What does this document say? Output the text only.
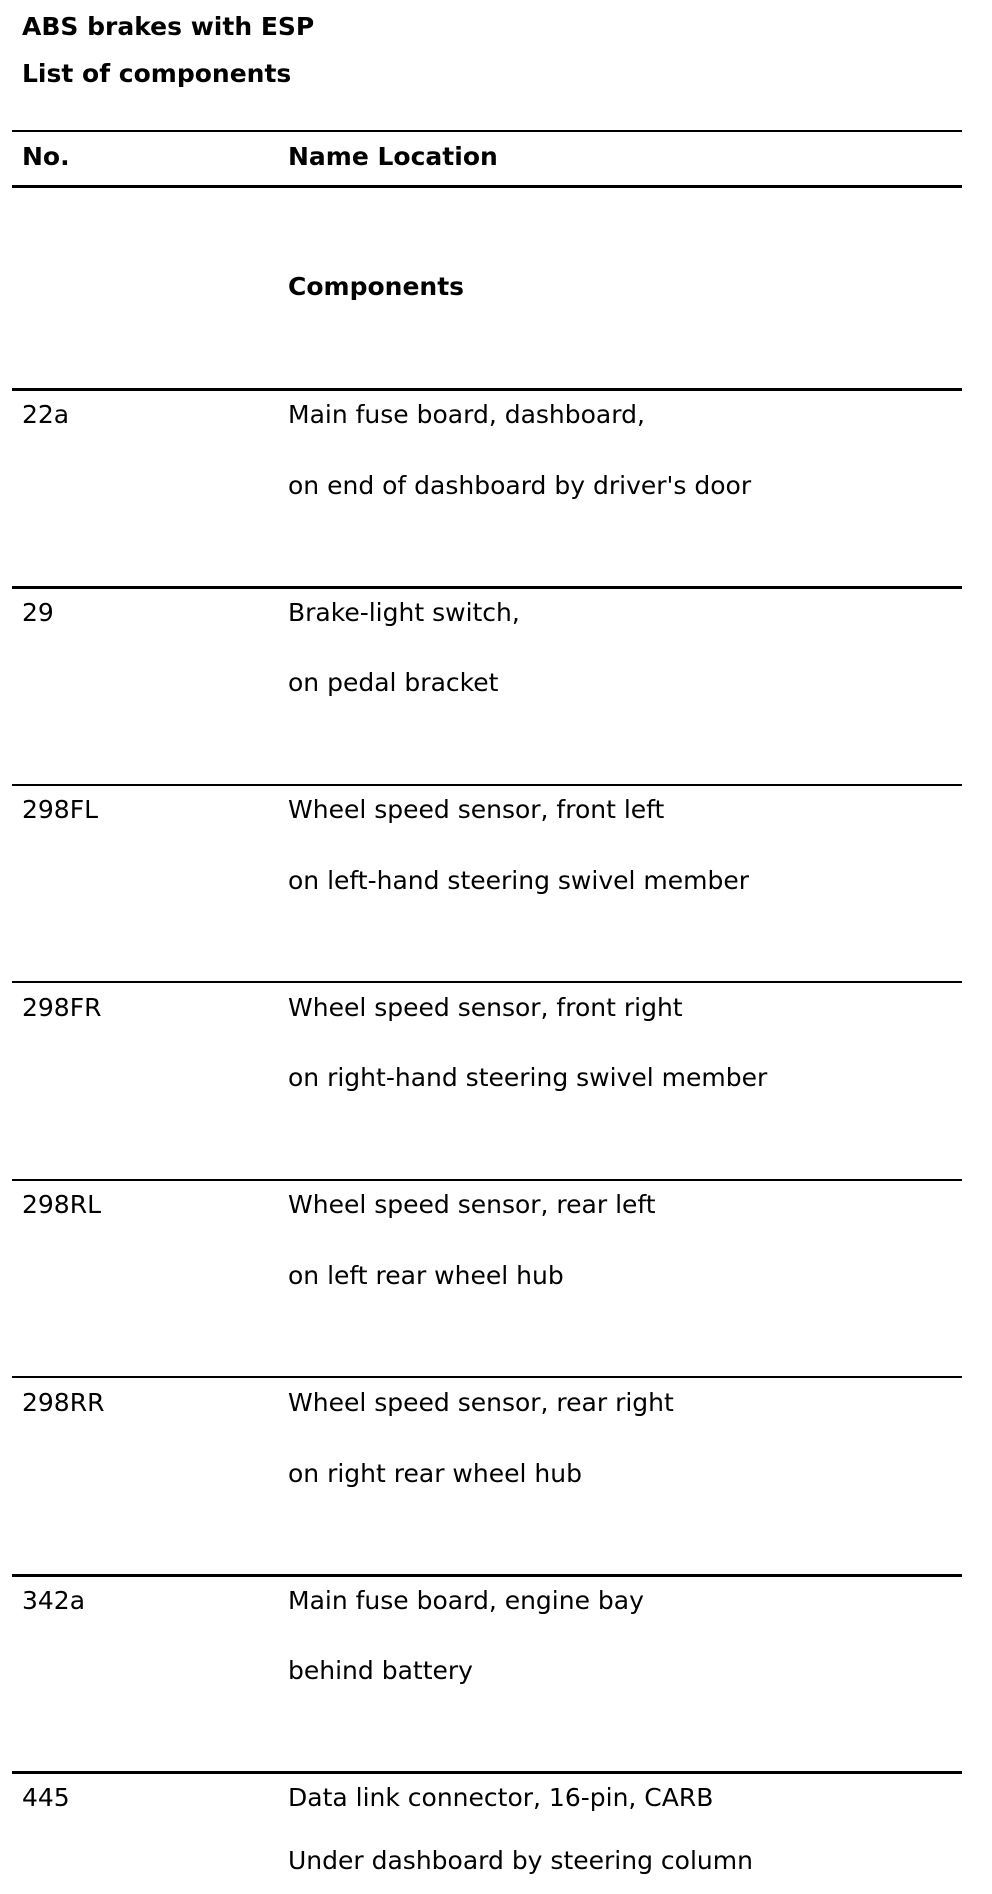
ABS brakes with ESP
List of components
No.	Name Location
Components
22a	Main fuse board, dashboard,
on end of dashboard by driver's door
29	Brake-light switch,
on pedal bracket
298FL	Wheel speed sensor, front left
on left-hand steering swivel member
298FR	Wheel speed sensor, front right
on right-hand steering swivel member
298RL	Wheel speed sensor, rear left
on left rear wheel hub
298RR	Wheel speed sensor, rear right
on right rear wheel hub
342a	Main fuse board, engine bay
behind battery
445	Data link connector, 16-pin, CARB
Under dashboard by steering column
